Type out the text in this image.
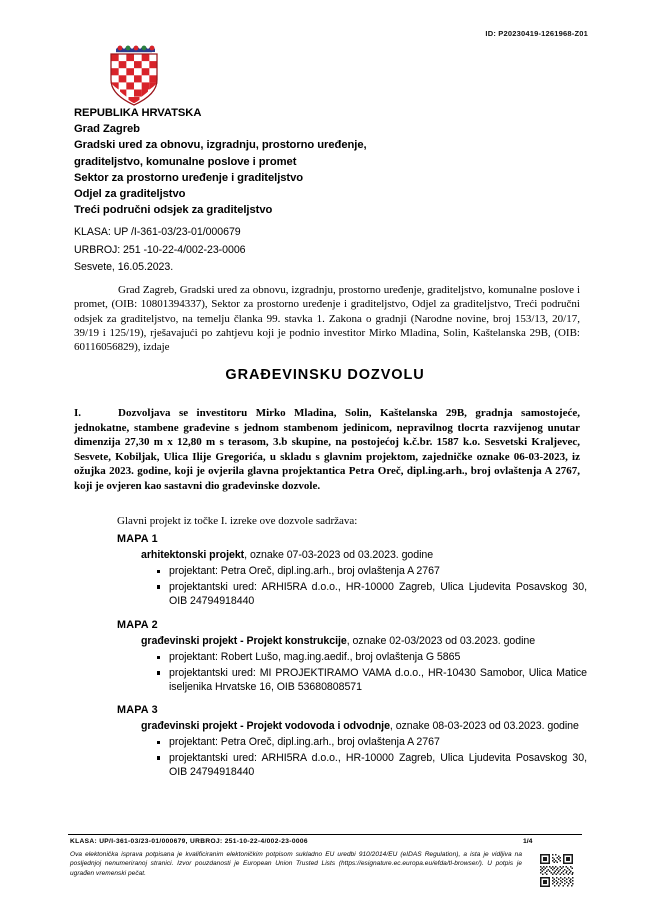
ID: P20230419-1261968-Z01
REPUBLIKA HRVATSKA
Grad Zagreb
Gradski ured za obnovu, izgradnju, prostorno uređenje,
graditeljstvo, komunalne poslove i promet
Sektor za prostorno uređenje i graditeljstvo
Odjel za graditeljstvo
Treći područni odsjek za graditeljstvo
KLASA: UP /I-361-03/23-01/000679
URBROJ: 251 -10-22-4/002-23-0006
Sesvete, 16.05.2023.
Grad Zagreb, Gradski ured za obnovu, izgradnju, prostorno uređenje, graditeljstvo, komunalne poslove i promet, (OIB: 10801394337), Sektor za prostorno uređenje i graditeljstvo, Odjel za graditeljstvo, Treći područni odsjek za graditeljstvo, na temelju članka 99. stavka 1. Zakona o gradnji (Narodne novine, broj 153/13, 20/17, 39/19 i 125/19), rješavajući po zahtjevu koji je podnio investitor Mirko Mladina, Solin, Kaštelanska 29B, (OIB: 60116056829), izdaje
GRAĐEVINSKU DOZVOLU
I.	Dozvoljava se investitoru Mirko Mladina, Solin, Kaštelanska 29B, gradnja samostojeće, jednokatne, stambene građevine s jednom stambenom jedinicom, nepravilnog tlocrta razvijenog unutar dimenzija 27,30 m x 12,80 m s terasom, 3.b skupine, na postojećoj k.č.br. 1587 k.o. Sesvetski Kraljevec, Sesvete, Kobiljak, Ulica Ilije Gregorića, u skladu s glavnim projektom, zajedničke oznake 06-03-2023, iz ožujka 2023. godine, koji je ovjerila glavna projektantica Petra Oreč, dipl.ing.arh., broj ovlaštenja A 2767, koji je ovjeren kao sastavni dio građevinske dozvole.
Glavni projekt iz točke I. izreke ove dozvole sadržava:
MAPA 1
arhitektonski projekt, oznake 07-03-2023 od 03.2023. godine
projektant: Petra Oreč, dipl.ing.arh., broj ovlaštenja A 2767
projektantski ured: ARHI5RA d.o.o., HR-10000 Zagreb, Ulica Ljudevita Posavskog 30, OIB 24794918440
MAPA 2
građevinski projekt - Projekt konstrukcije, oznake 02-03/2023 od 03.2023. godine
projektant: Robert Lušo, mag.ing.aedif., broj ovlaštenja G 5865
projektantski ured: MI PROJEKTIRAMO VAMA d.o.o., HR-10430 Samobor, Ulica Matice iseljenika Hrvatske 16, OIB 53680808571
MAPA 3
građevinski projekt - Projekt vodovoda i odvodnje, oznake 08-03-2023 od 03.2023. godine
projektant: Petra Oreč, dipl.ing.arh., broj ovlaštenja A 2767
projektantski ured: ARHI5RA d.o.o., HR-10000 Zagreb, Ulica Ljudevita Posavskog 30, OIB 24794918440
KLASA: UP/I-361-03/23-01/000679, URBROJ: 251-10-22-4/002-23-0006	1/4
Ova elektonička isprava potpisana je kvalificiranim elektoničkim potpisom sukladno EU uredbi 910/2014/EU (eIDAS Regulation), a ista je vidljiva na posljednjoj nenumeriranoj stranici. Izvor pouzdanosti je European Union Trusted Lists (https://esignature.ec.europa.eu/efda/tl-browser/). U potpis je ugrađen vremenski pečat.
